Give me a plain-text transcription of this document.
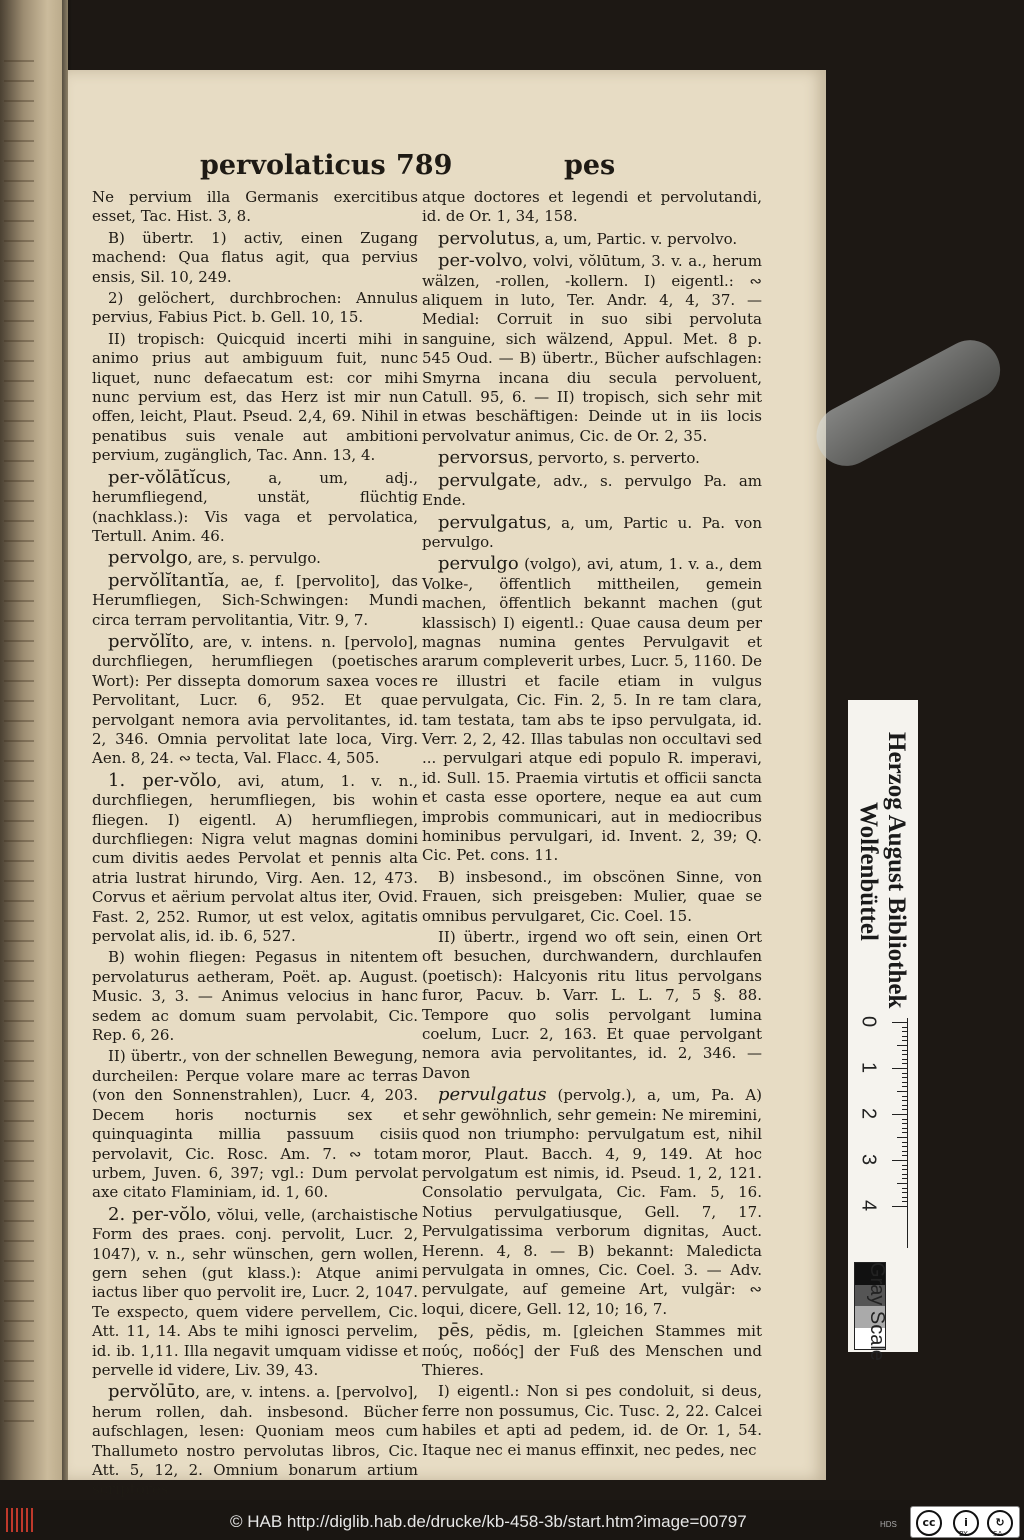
pervolaticus 789	pes

Ne pervium illa Germanis exercitibus esset, Tac. Hist. 3, 8.

B) übertr. 1) activ, einen Zugang machend: Qua flatus agit, qua pervius ensis, Sil. 10, 249.

2) gelöchert, durchbrochen: Annulus pervius, Fabius Pict. b. Gell. 10, 15.

II) tropisch: Quicquid incerti mihi in animo prius aut ambiguum fuit, nunc liquet, nunc defaecatum est: cor mihi nunc pervium est, das Herz ist mir nun offen, leicht, Plaut. Pseud. 2,4, 69. Nihil in penatibus suis venale aut ambitioni pervium, zugänglich, Tac. Ann. 13, 4.

per-vŏlātĭcus, a, um, adj., herumfliegend, unstät, flüchtig (nachklass.): Vis vaga et pervolatica, Tertull. Anim. 46.

pervolgo, are, s. pervulgo.

pervŏlĭtantĭa, ae, f. [pervolito], das Herumfliegen, Sich-Schwingen: Mundi circa terram pervolitantia, Vitr. 9, 7.

pervŏlĭto, are, v. intens. n. [pervolo], durchfliegen, herumfliegen (poetisches Wort): Per dissepta domorum saxea voces Pervolitant, Lucr. 6, 952. Et quae pervolgant nemora avia pervolitantes, id. 2, 346. Omnia pervolitat late loca, Virg. Aen. 8, 24. ∾ tecta, Val. Flacc. 4, 505.

1. per-vŏlo, avi, atum, 1. v. n., durchfliegen, herumfliegen, bis wohin fliegen. I) eigentl. A) herumfliegen, durchfliegen: Nigra velut magnas domini cum divitis aedes Pervolat et pennis alta atria lustrat hirundo, Virg. Aen. 12, 473. Corvus et aërium pervolat altus iter, Ovid. Fast. 2, 252. Rumor, ut est velox, agitatis pervolat alis, id. ib. 6, 527.

B) wohin fliegen: Pegasus in nitentem pervolaturus aetheram, Poët. ap. August. Music. 3, 3. — Animus velocius in hanc sedem ac domum suam pervolabit, Cic. Rep. 6, 26.

II) übertr., von der schnellen Bewegung, durcheilen: Perque volare mare ac terras (von den Sonnenstrahlen), Lucr. 4, 203. Decem horis nocturnis sex et quinquaginta millia passuum cisiis pervolavit, Cic. Rosc. Am. 7. ∾ totam urbem, Juven. 6, 397; vgl.: Dum pervolat axe citato Flaminiam, id. 1, 60.

2. per-vŏlo, vŏlui, velle, (archaistische Form des praes. conj. pervolit, Lucr. 2, 1047), v. n., sehr wünschen, gern wollen, gern sehen (gut klass.): Atque animi iactus liber quo pervolit ire, Lucr. 2, 1047. Te exspecto, quem videre pervellem, Cic. Att. 11, 14. Abs te mihi ignosci pervelim, id. ib. 1,11. Illa negavit umquam vidisse et pervelle id videre, Liv. 39, 43.

pervŏlūto, are, v. intens. a. [pervolvo], herum rollen, dah. insbesond. Bücher aufschlagen, lesen: Quoniam meos cum Thallumeto nostro pervolutas libros, Cic. Att. 5, 12, 2. Omnium bonarum artium scriptores

atque doctores et legendi et pervolutandi, id. de Or. 1, 34, 158.

pervolutus, a, um, Partic. v. pervolvo.

per-volvo, volvi, vŏlūtum, 3. v. a., herum wälzen, -rollen, -kollern. I) eigentl.: ∾ aliquem in luto, Ter. Andr. 4, 4, 37. — Medial: Corruit in suo sibi pervoluta sanguine, sich wälzend, Appul. Met. 8 p. 545 Oud. — B) übertr., Bücher aufschlagen: Smyrna incana diu secula pervoluent, Catull. 95, 6. — II) tropisch, sich sehr mit etwas beschäftigen: Deinde ut in iis locis pervolvatur animus, Cic. de Or. 2, 35.

pervorsus, pervorto, s. perverto.

pervulgate, adv., s. pervulgo Pa. am Ende.

pervulgatus, a, um, Partic u. Pa. von pervulgo.

pervulgo (volgo), avi, atum, 1. v. a., dem Volke-, öffentlich mittheilen, gemein machen, öffentlich bekannt machen (gut klassisch) I) eigentl.: Quae causa deum per magnas numina gentes Pervulgavit et ararum compleverit urbes, Lucr. 5, 1160. De re illustri et facile etiam in vulgus pervulgata, Cic. Fin. 2, 5. In re tam clara, tam testata, tam abs te ipso pervulgata, id. Verr. 2, 2, 42. Illas tabulas non occultavi sed ... pervulgari atque edi populo R. imperavi, id. Sull. 15. Praemia virtutis et officii sancta et casta esse oportere, neque ea aut cum improbis communicari, aut in mediocribus hominibus pervulgari, id. Invent. 2, 39; Q. Cic. Pet. cons. 11.

B) insbesond., im obscönen Sinne, von Frauen, sich preisgeben: Mulier, quae se omnibus pervulgaret, Cic. Coel. 15.

II) übertr., irgend wo oft sein, einen Ort oft besuchen, durchwandern, durchlaufen (poetisch): Halcyonis ritu litus pervolgans furor, Pacuv. b. Varr. L. L. 7, 5 §. 88. Tempore quo solis pervolgant lumina coelum, Lucr. 2, 163. Et quae pervolgant nemora avia pervolitantes, id. 2, 346. — Davon

pervulgatus (pervolg.), a, um, Pa. A) sehr gewöhnlich, sehr gemein: Ne miremini, quod non triumpho: pervulgatum est, nihil moror, Plaut. Bacch. 4, 9, 149. At hoc pervolgatum est nimis, id. Pseud. 1, 2, 121. Consolatio pervulgata, Cic. Fam. 5, 16. Notius pervulgatiusque, Gell. 7, 17. Pervulgatissima verborum dignitas, Auct. Herenn. 4, 8. — B) bekannt: Maledicta pervulgata in omnes, Cic. Coel. 3. — Adv. pervulgate, auf gemeine Art, vulgär: ∾ loqui, dicere, Gell. 12, 10; 16, 7.

pēs, pĕdis, m. [gleichen Stammes mit πούς, ποδός] der Fuß des Menschen und Thieres.

I) eigentl.: Non si pes condoluit, si deus, ferre non possumus, Cic. Tusc. 2, 22. Calcei habiles et apti ad pedem, id. de Or. 1, 54. Itaque nec ei manus effinxit, nec pedes, nec

Herzog August Bibliothek
Wolfenbüttel
0
1
2
3
4
Gray Scale
© HAB http://diglib.hab.de/drucke/kb-458-3b/start.htm?image=00797	HDS	cc	i	↻
BY	SA
